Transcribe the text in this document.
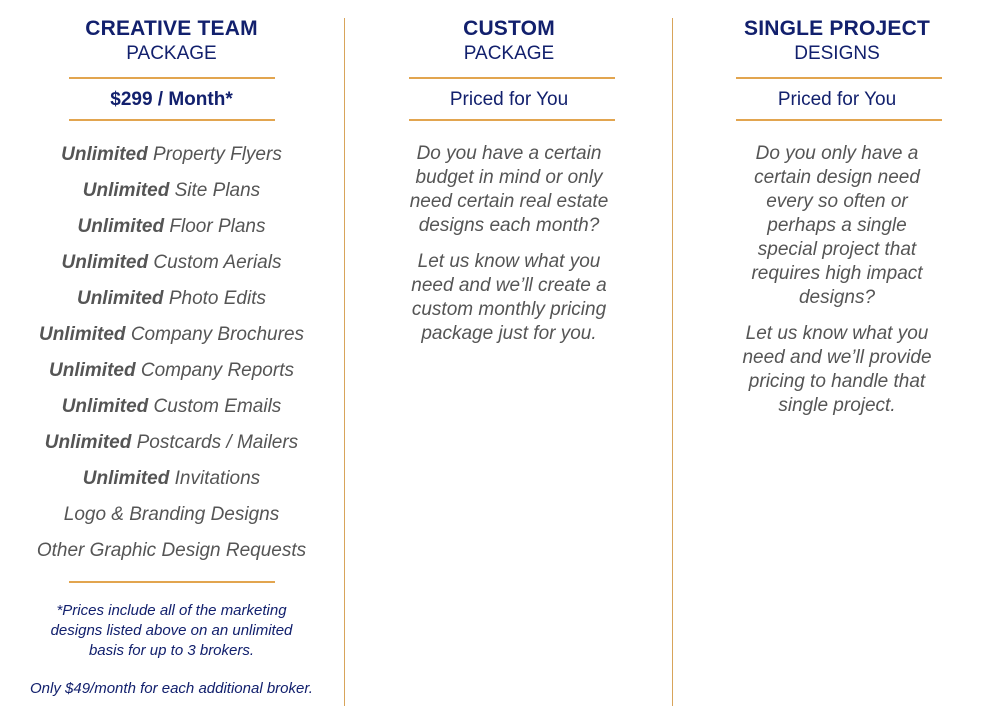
CREATIVE TEAM
PACKAGE
$299 / Month*
Unlimited Property Flyers
Unlimited Site Plans
Unlimited Floor Plans
Unlimited Custom Aerials
Unlimited Photo Edits
Unlimited Company Brochures
Unlimited Company Reports
Unlimited Custom Emails
Unlimited Postcards / Mailers
Unlimited Invitations
Logo & Branding Designs
Other Graphic Design Requests

*Prices include all of the marketing

designs listed above on an unlimited

basis for up to 3 brokers.

Only $49/month for each additional broker.

CUSTOM
PACKAGE
Priced for You

Do you have a certain
budget in mind or only
need certain real estate
designs each month?

Let us know what you
need and we’ll create a
custom monthly pricing
package just for you.

SINGLE PROJECT
DESIGNS
Priced for You

Do you only have a
certain design need
every so often or
perhaps a single
special project that
requires high impact
designs?

Let us know what you
need and we’ll provide
pricing to handle that
single project.
